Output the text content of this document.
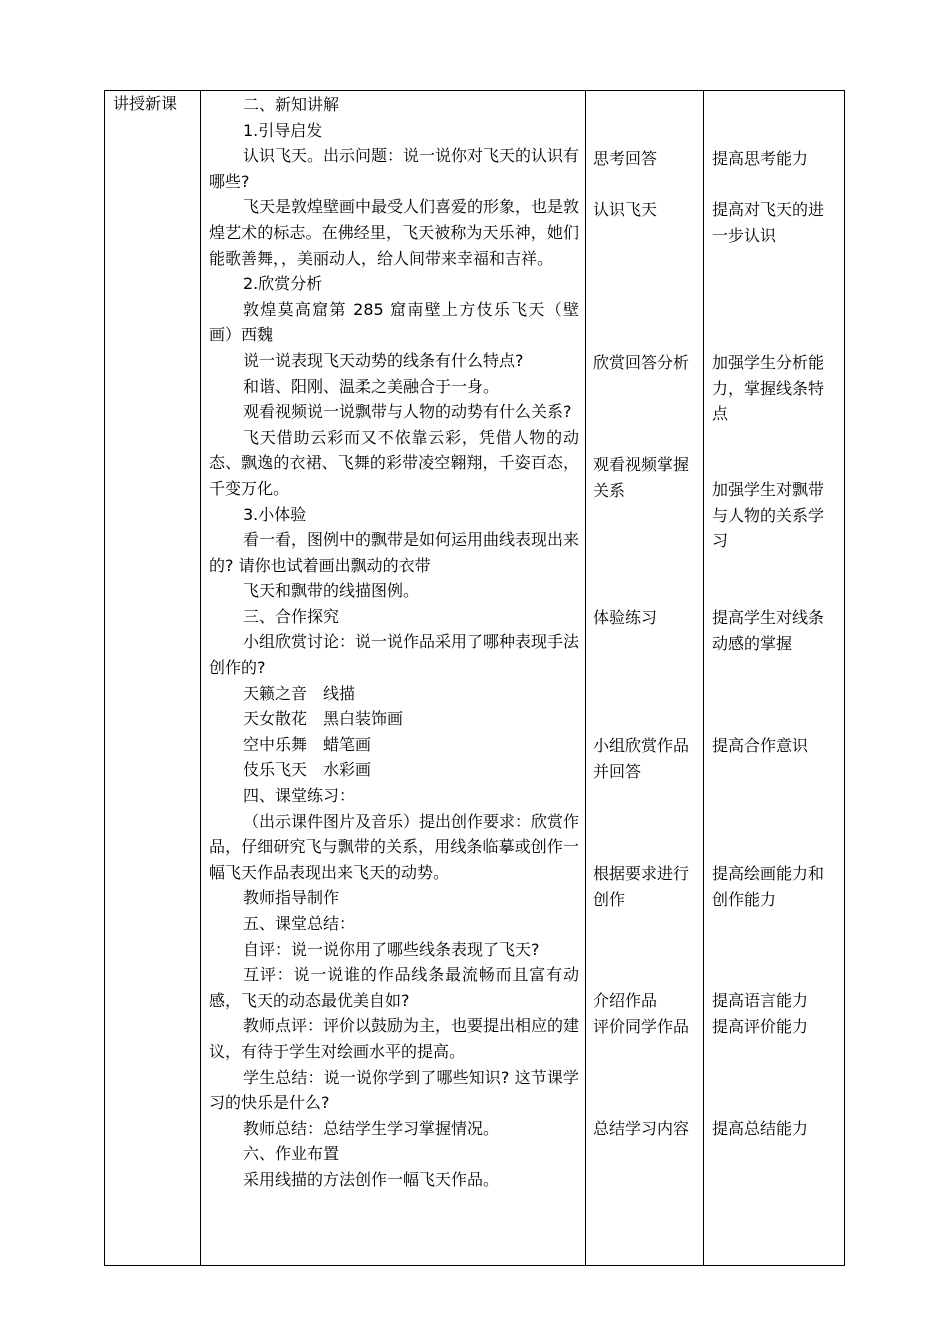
讲授新课	二、新知讲解

1.引导启发

认识飞天。出示问题：说一说你对飞天的认识有哪些?

飞天是敦煌壁画中最受人们喜爱的形象，也是敦煌艺术的标志。在佛经里，飞天被称为天乐神，她们能歌善舞，，美丽动人，给人间带来幸福和吉祥。

2.欣赏分析

敦煌莫高窟第 285 窟南壁上方伎乐飞天（壁画）西魏

说一说表现飞天动势的线条有什么特点?

和谐、阳刚、温柔之美融合于一身。

观看视频说一说飘带与人物的动势有什么关系?

飞天借助云彩而又不依靠云彩，凭借人物的动态、飘逸的衣裙、飞舞的彩带凌空翱翔，千姿百态，千变万化。

3.小体验

看一看，图例中的飘带是如何运用曲线表现出来的? 请你也试着画出飘动的衣带

飞天和飘带的线描图例。

三、合作探究

小组欣赏讨论：说一说作品采用了哪种表现手法创作的?

天籁之音　线描

天女散花　黑白装饰画

空中乐舞　蜡笔画

伎乐飞天　水彩画

四、课堂练习：

（出示课件图片及音乐）提出创作要求：欣赏作品，仔细研究飞与飘带的关系，用线条临摹或创作一幅飞天作品表现出来飞天的动势。

教师指导制作

五、课堂总结：

自评：说一说你用了哪些线条表现了飞天?

互评：说一说谁的作品线条最流畅而且富有动感，飞天的动态最优美自如?

教师点评：评价以鼓励为主，也要提出相应的建议，有待于学生对绘画水平的提高。

学生总结：说一说你学到了哪些知识? 这节课学习的快乐是什么?

教师总结：总结学生学习掌握情况。

六、作业布置

采用线描的方法创作一幅飞天作品。

思考回答
认识飞天
欣赏回答分析
观看视频掌握
关系
体验练习
小组欣赏作品
并回答
根据要求进行
创作
介绍作品
评价同学作品
总结学习内容
提高思考能力
提高对飞天的进
一步认识
加强学生分析能
力，掌握线条特
点
加强学生对飘带
与人物的关系学
习
提高学生对线条
动感的掌握
提高合作意识
提高绘画能力和
创作能力
提高语言能力
提高评价能力
提高总结能力
